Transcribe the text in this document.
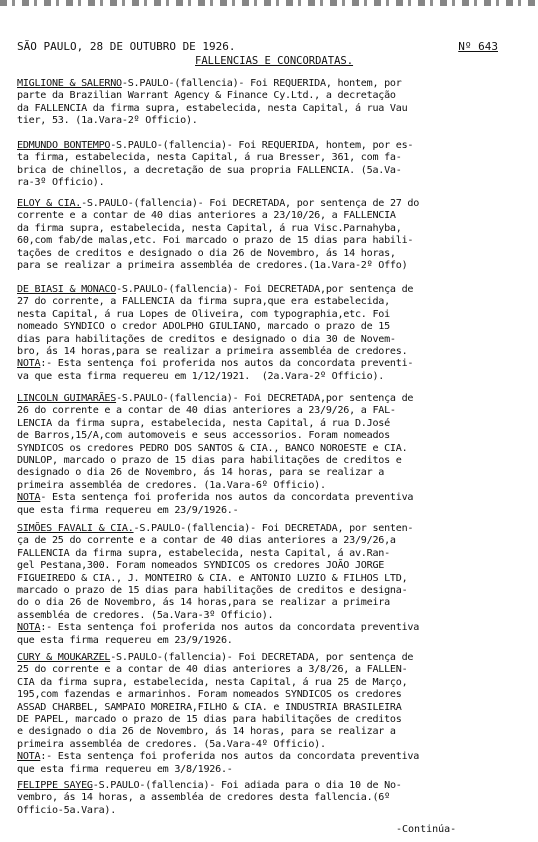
SÃO PAULO, 28 DE OUTUBRO DE 1926.	Nº 643
FALLENCIAS E CONCORDATAS.
MIGLIONE & SALERNO-S.PAULO-(fallencia)- Foi REQUERIDA, hontem, por
parte da Brazilian Warrant Agency & Finance Cy.Ltd., a decretação
da FALLENCIA da firma supra, estabelecida, nesta Capital, á rua Vau
tier, 53. (1a.Vara-2º Officio).
EDMUNDO BONTEMPO-S.PAULO-(fallencia)- Foi REQUERIDA, hontem, por es-
ta firma, estabelecida, nesta Capital, á rua Bresser, 361, com fa-
brica de chinellos, a decretação de sua propria FALLENCIA. (5a.Va-
ra-3º Officio).
ELOY & CIA.-S.PAULO-(fallencia)- Foi DECRETADA, por sentença de 27 do
corrente e a contar de 40 dias anteriores a 23/10/26, a FALLENCIA
da firma supra, estabelecida, nesta Capital, á rua Visc.Parnahyba,
60,com fab/de malas,etc. Foi marcado o prazo de 15 dias para habili-
tações de creditos e designado o dia 26 de Novembro, ás 14 horas,
para se realizar a primeira assembléa de credores.(1a.Vara-2º Offo)
DE BIASI & MONACO-S.PAULO-(fallencia)- Foi DECRETADA,por sentença de
27 do corrente, a FALLENCIA da firma supra,que era estabelecida,
nesta Capital, á rua Lopes de Oliveira, com typographia,etc. Foi
nomeado SYNDICO o credor ADOLPHO GIULIANO, marcado o prazo de 15
dias para habilitações de creditos e designado o dia 30 de Novem-
bro, ás 14 horas,para se realizar a primeira assembléa de credores.
NOTA:- Esta sentença foi proferida nos autos da concordata preventi-
va que esta firma requereu em 1/12/1921.  (2a.Vara-2º Officio).
LINCOLN GUIMARÃES-S.PAULO-(fallencia)- Foi DECRETADA,por sentença de
26 do corrente e a contar de 40 dias anteriores a 23/9/26, a FAL-
LENCIA da firma supra, estabelecida, nesta Capital, á rua D.José
de Barros,15/A,com automoveis e seus accessorios. Foram nomeados
SYNDICOS os credores PEDRO DOS SANTOS & CIA., BANCO NOROESTE e CIA.
DUNLOP, marcado o prazo de 15 dias para habilitações de creditos e
designado o dia 26 de Novembro, ás 14 horas, para se realizar a
primeira assembléa de credores. (1a.Vara-6º Officio).
NOTA- Esta sentença foi proferida nos autos da concordata preventiva
que esta firma requereu em 23/9/1926.-
SIMÕES FAVALI & CIA.-S.PAULO-(fallencia)- Foi DECRETADA, por senten-
ça de 25 do corrente e a contar de 40 dias anteriores a 23/9/26,a
FALLENCIA da firma supra, estabelecida, nesta Capital, á av.Ran-
gel Pestana,300. Foram nomeados SYNDICOS os credores JOÃO JORGE
FIGUEIREDO & CIA., J. MONTEIRO & CIA. e ANTONIO LUZIO & FILHOS LTD,
marcado o prazo de 15 dias para habilitações de creditos e designa-
do o dia 26 de Novembro, ás 14 horas,para se realizar a primeira
assembléa de credores. (5a.Vara-3º Officio).
NOTA:- Esta sentença foi proferida nos autos da concordata preventiva
que esta firma requereu em 23/9/1926.
CURY & MOUKARZEL-S.PAULO-(fallencia)- Foi DECRETADA, por sentença de
25 do corrente e a contar de 40 dias anteriores a 3/8/26, a FALLEN-
CIA da firma supra, estabelecida, nesta Capital, á rua 25 de Março,
195,com fazendas e armarinhos. Foram nomeados SYNDICOS os credores
ASSAD CHARBEL, SAMPAIO MOREIRA,FILHO & CIA. e INDUSTRIA BRASILEIRA
DE PAPEL, marcado o prazo de 15 dias para habilitações de creditos
e designado o dia 26 de Novembro, ás 14 horas, para se realizar a
primeira assembléa de credores. (5a.Vara-4º Officio).
NOTA:- Esta sentença foi proferida nos autos da concordata preventiva
que esta firma requereu em 3/8/1926.-
FELIPPE SAYEG-S.PAULO-(fallencia)- Foi adiada para o dia 10 de No-
vembro, ás 14 horas, a assembléa de credores desta fallencia.(6º
Officio-5a.Vara).
-Continúa-
